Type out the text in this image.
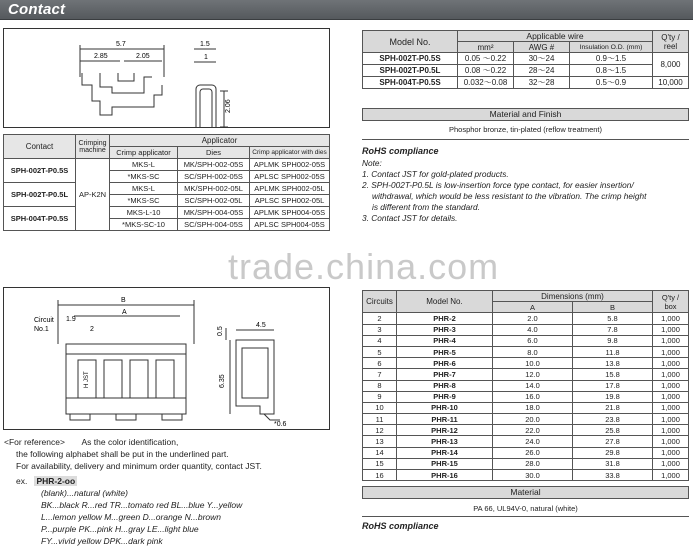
Contact
5.7
2.85	2.05
1.5
1
2.06
Contact	Crimping machine	Applicator		
		Crimp applicator	Dies	Crimp applicator with dies
SPH-002T-P0.5S	AP-K2N	MKS-L	MK/SPH-002-05S	APLMK SPH002-05S
		*MKS-SC	SC/SPH-002-05S	APLSC SPH002-05S
SPH-002T-P0.5L		MKS-L	MK/SPH-002-05L	APLMK SPH002-05L
		*MKS-SC	SC/SPH-002-05L	APLSC SPH002-05L
SPH-004T-P0.5S		MKS-L-10	MK/SPH-004-05S	APLMK SPH004-05S
		*MKS-SC-10	SC/SPH-004-05S	APLSC SPH004-05S
Model No.	Applicable wire			Q'ty / reel
	mm²	AWG #	Insulation O.D. (mm)	
SPH-002T-P0.5S	0.05 ～0.22	30～24	0.9～1.5	8,000
SPH-002T-P0.5L	0.08 ～0.22	28～24	0.8～1.5	
SPH-004T-P0.5S	0.032～0.08	32～28	0.5～0.9	10,000
Material and Finish
Phosphor bronze, tin-plated (reflow treatment)
RoHS compliance
Note:
1. Contact JST for gold-plated products.
2. SPH-002T-P0.5L is low-insertion force type contact, for easier insertion/
withdrawal, which would be less resistant to the vibration. The crimp height
is different from the standard.
3. Contact JST for details.
trade.china.com
B
A
1.9
2
Circuit
No.1
4.5
0.5
6.35
*0.6
H JST
Circuits	Model No.	Dimensions (mm)		Q'ty / box
		A	B	
2	PHR-2	2.0	5.8	1,000
3	PHR-3	4.0	7.8	1,000
4	PHR-4	6.0	9.8	1,000
5	PHR-5	8.0	11.8	1,000
6	PHR-6	10.0	13.8	1,000
7	PHR-7	12.0	15.8	1,000
8	PHR-8	14.0	17.8	1,000
9	PHR-9	16.0	19.8	1,000
10	PHR-10	18.0	21.8	1,000
11	PHR-11	20.0	23.8	1,000
12	PHR-12	22.0	25.8	1,000
13	PHR-13	24.0	27.8	1,000
14	PHR-14	26.0	29.8	1,000
15	PHR-15	28.0	31.8	1,000
16	PHR-16	30.0	33.8	1,000
Material
PA 66, UL94V-0, natural (white)
RoHS compliance
<For reference> As the color identification,
the following alphabet shall be put in the underlined part.
For availability, delivery and minimum order quantity, contact JST.
ex. PHR-2-oo
(blank)...natural (white)
BK...black R...red TR...tomato red BL...blue Y...yellow
L...lemon yellow M...green D...orange N...brown
P...purple PK...pink H...gray LE...light blue
FY...vivid yellow DPK...dark pink
